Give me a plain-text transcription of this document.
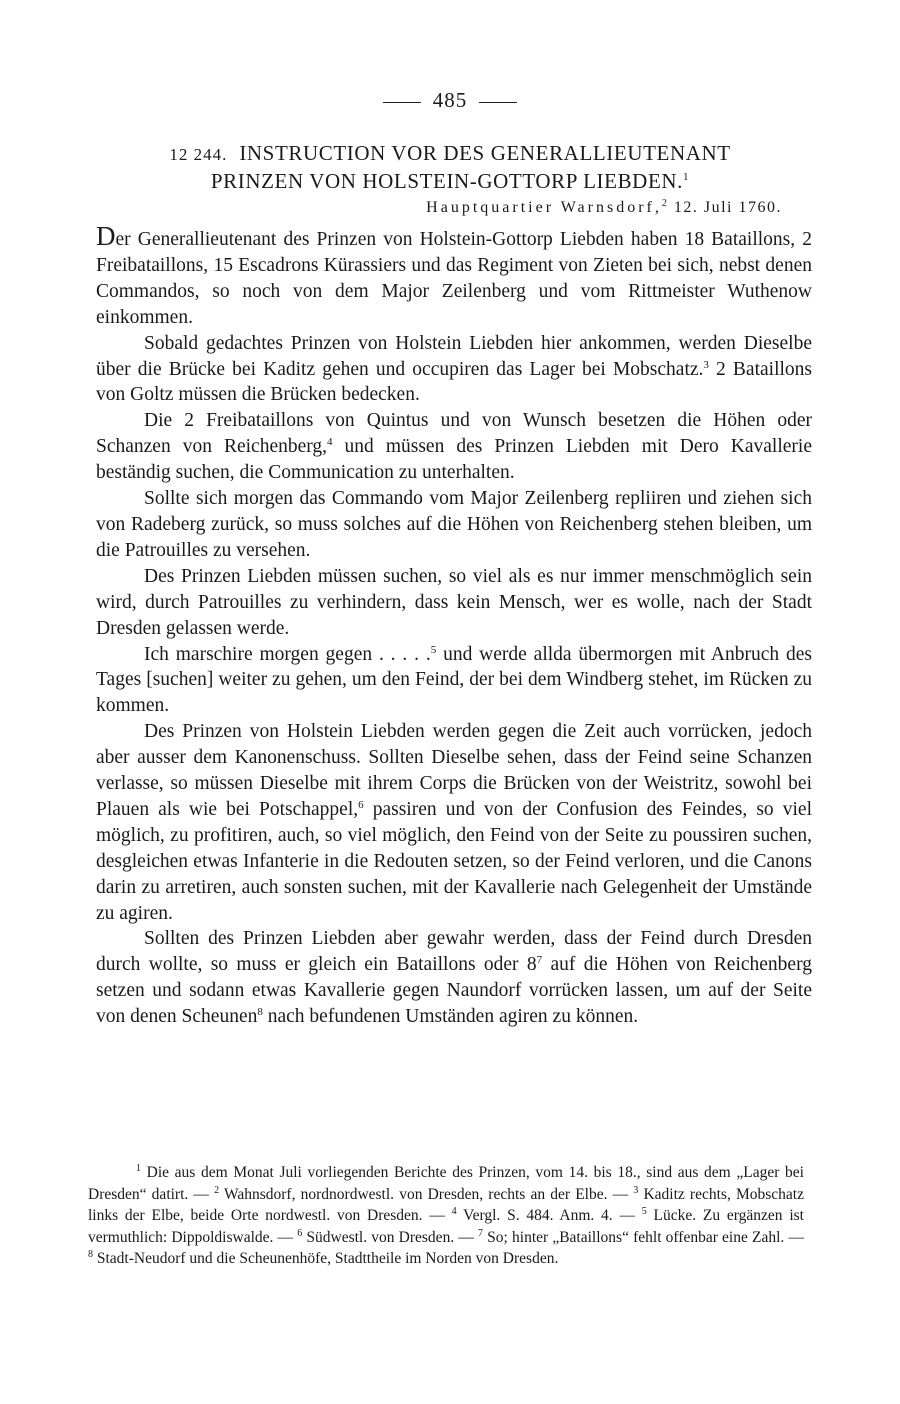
485
12 244. INSTRUCTION VOR DES GENERALLIEUTENANT
PRINZEN VON HOLSTEIN-GOTTORP LIEBDEN.$^1$
Hauptquartier Warnsdorf,$^2$ 12. Juli 1760.

Der Generallieutenant des Prinzen von Holstein-Gottorp Liebden haben 18 Bataillons, 2 Freibataillons, 15 Escadrons Kürassiers und das Regiment von Zieten bei sich, nebst denen Commandos, so noch von dem Major Zeilenberg und vom Rittmeister Wuthenow einkommen.

Sobald gedachtes Prinzen von Holstein Liebden hier ankommen, werden Dieselbe über die Brücke bei Kaditz gehen und occupiren das Lager bei Mobschatz.$^3$ 2 Bataillons von Goltz müssen die Brücken bedecken.

Die 2 Freibataillons von Quintus und von Wunsch besetzen die Höhen oder Schanzen von Reichenberg,$^4$ und müssen des Prinzen Liebden mit Dero Kavallerie beständig suchen, die Communication zu unterhalten.

Sollte sich morgen das Commando vom Major Zeilenberg repliiren und ziehen sich von Radeberg zurück, so muss solches auf die Höhen von Reichenberg stehen bleiben, um die Patrouilles zu versehen.

Des Prinzen Liebden müssen suchen, so viel als es nur immer menschmöglich sein wird, durch Patrouilles zu verhindern, dass kein Mensch, wer es wolle, nach der Stadt Dresden gelassen werde.

Ich marschire morgen gegen . . . . .$^5$ und werde allda übermorgen mit Anbruch des Tages [suchen] weiter zu gehen, um den Feind, der bei dem Windberg stehet, im Rücken zu kommen.

Des Prinzen von Holstein Liebden werden gegen die Zeit auch vorrücken, jedoch aber ausser dem Kanonenschuss. Sollten Dieselbe sehen, dass der Feind seine Schanzen verlasse, so müssen Dieselbe mit ihrem Corps die Brücken von der Weistritz, sowohl bei Plauen als wie bei Potschappel,$^6$ passiren und von der Confusion des Feindes, so viel möglich, zu profitiren, auch, so viel möglich, den Feind von der Seite zu poussiren suchen, desgleichen etwas Infanterie in die Redouten setzen, so der Feind verloren, und die Canons darin zu arretiren, auch sonsten suchen, mit der Kavallerie nach Gelegenheit der Umstände zu agiren.

Sollten des Prinzen Liebden aber gewahr werden, dass der Feind durch Dresden durch wollte, so muss er gleich ein Bataillons oder $8^7$ auf die Höhen von Reichenberg setzen und sodann etwas Kavallerie gegen Naundorf vorrücken lassen, um auf der Seite von denen Scheunen$^8$ nach befundenen Umständen agiren zu können.

$^1$ Die aus dem Monat Juli vorliegenden Berichte des Prinzen, vom 14. bis 18., sind aus dem „Lager bei Dresden“ datirt. — $^2$ Wahnsdorf, nordnordwestl. von Dresden, rechts an der Elbe. — $^3$ Kaditz rechts, Mobschatz links der Elbe, beide Orte nordwestl. von Dresden. — $^4$ Vergl. S. 484. Anm. 4. — $^5$ Lücke. Zu ergänzen ist vermuthlich: Dippoldiswalde. — $^6$ Südwestl. von Dresden. — $^7$ So; hinter „Bataillons“ fehlt offenbar eine Zahl. — $^8$ Stadt-Neudorf und die Scheunenhöfe, Stadttheile im Norden von Dresden.
